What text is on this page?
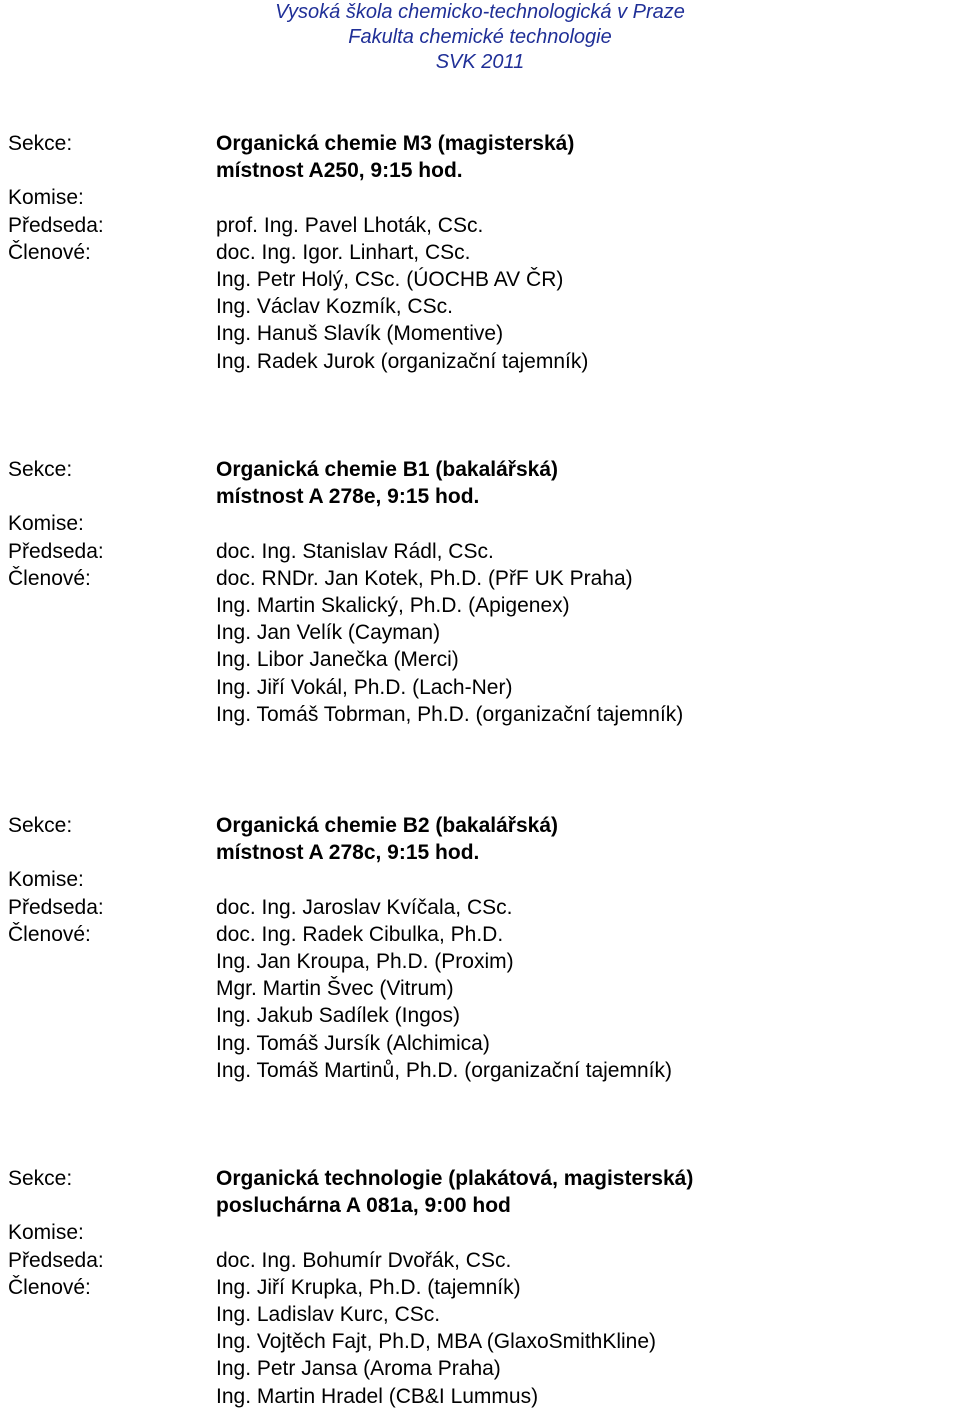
Vysoká škola chemicko-technologická v Praze
Fakulta chemické technologie
SVK 2011
Sekce:	Organická chemie M3 (magisterská)
místnost A250, 9:15 hod.
Komise:
Předseda:	prof. Ing. Pavel Lhoták, CSc.
Členové:	doc. Ing. Igor. Linhart, CSc.
Ing. Petr Holý, CSc. (ÚOCHB AV ČR)
Ing. Václav Kozmík, CSc.
Ing. Hanuš Slavík (Momentive)
Ing. Radek Jurok (organizační tajemník)
Sekce:	Organická chemie B1 (bakalářská)
místnost A 278e, 9:15 hod.
Komise:
Předseda:	doc. Ing. Stanislav Rádl, CSc.
Členové:	doc. RNDr. Jan Kotek, Ph.D. (PřF UK Praha)
Ing. Martin Skalický, Ph.D. (Apigenex)
Ing. Jan Velík (Cayman)
Ing. Libor Janečka (Merci)
Ing. Jiří Vokál, Ph.D. (Lach-Ner)
Ing. Tomáš Tobrman, Ph.D. (organizační tajemník)
Sekce:	Organická chemie B2 (bakalářská)
místnost A 278c, 9:15 hod.
Komise:
Předseda:	doc. Ing. Jaroslav Kvíčala, CSc.
Členové:	doc. Ing. Radek Cibulka, Ph.D.
Ing. Jan Kroupa, Ph.D. (Proxim)
Mgr. Martin Švec (Vitrum)
Ing. Jakub Sadílek (Ingos)
Ing. Tomáš Jursík (Alchimica)
Ing. Tomáš Martinů, Ph.D. (organizační tajemník)
Sekce:	Organická technologie (plakátová, magisterská)
posluchárna A 081a, 9:00 hod
Komise:
Předseda:	doc. Ing. Bohumír Dvořák, CSc.
Členové:	Ing. Jiří Krupka, Ph.D. (tajemník)
Ing. Ladislav Kurc, CSc.
Ing. Vojtěch Fajt, Ph.D, MBA (GlaxoSmithKline)
Ing. Petr Jansa (Aroma Praha)
Ing. Martin Hradel (CB&I Lummus)
